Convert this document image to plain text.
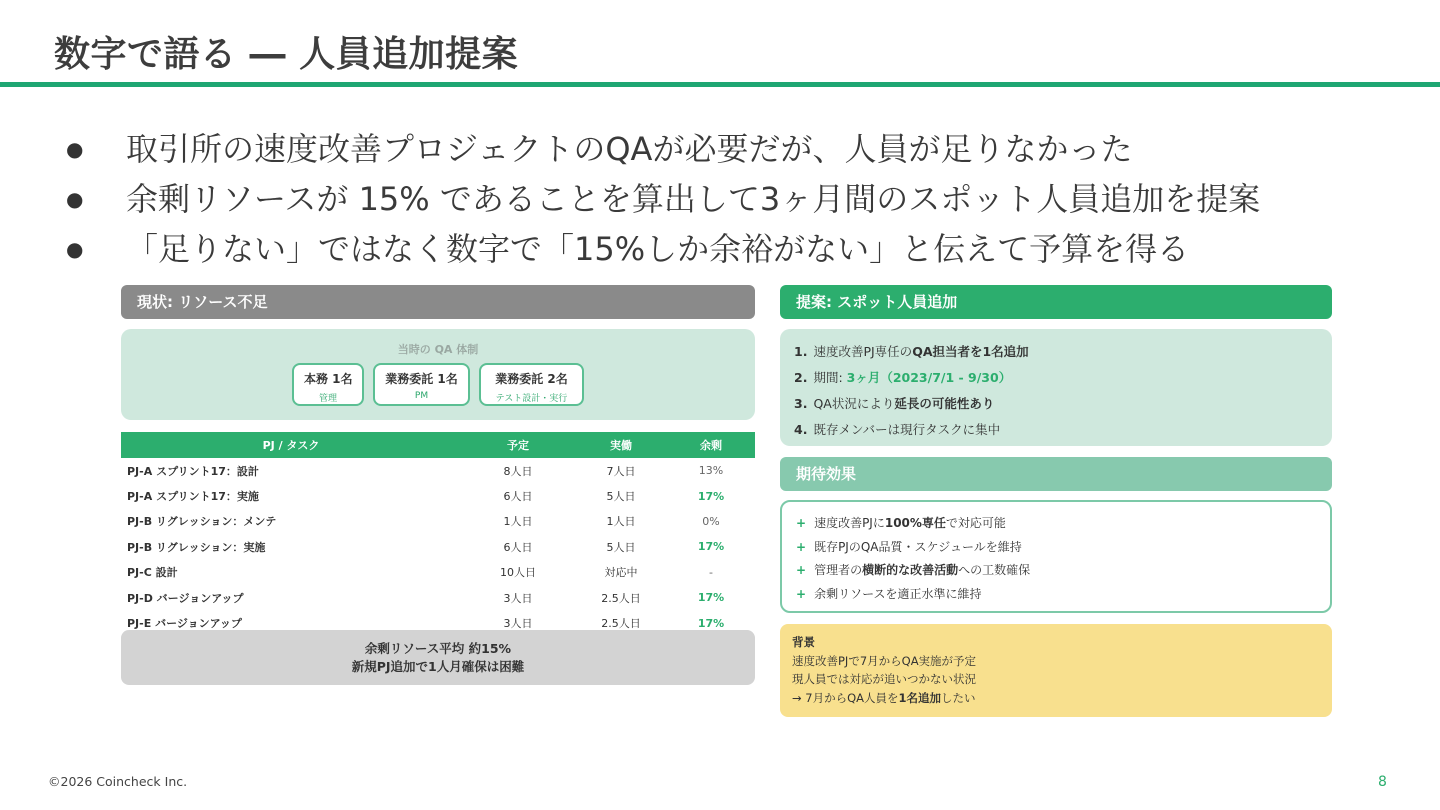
数字で語る ― 人員追加提案
●	取引所の速度改善プロジェクトのQAが必要だが、人員が足りなかった
●	余剰リソースが 15% であることを算出して3ヶ月間のスポット人員追加を提案
●	「足りない」ではなく数字で「15%しか余裕がない」と伝えて予算を得る
現状: リソース不足
当時の QA 体制
本務 1名
管理
業務委託 1名
PM
業務委託 2名
テスト設計・実行
PJ / タスク	予定	実働	余剰
PJ-A スプリント17：設計	8人日	7人日	13%
PJ-A スプリント17：実施	6人日	5人日	17%
PJ-B リグレッション：メンテ	1人日	1人日	0%
PJ-B リグレッション：実施	6人日	5人日	17%
PJ-C 設計	10人日	対応中	-
PJ-D バージョンアップ	3人日	2.5人日	17%
PJ-E バージョンアップ	3人日	2.5人日	17%
余剰リソース平均 約15%
新規PJ追加で1人月確保は困難
提案: スポット人員追加
1. 速度改善PJ専任のQA担当者を1名追加
2. 期間: 3ヶ月（2023/7/1 - 9/30）
3. QA状況により延長の可能性あり
4. 既存メンバーは現行タスクに集中
期待効果
+ 速度改善PJに100%専任で対応可能
+ 既存PJのQA品質・スケジュールを維持
+ 管理者の横断的な改善活動への工数確保
+ 余剰リソースを適正水準に維持
背景
速度改善PJで7月からQA実施が予定
現人員では対応が追いつかない状況
→ 7月からQA人員を1名追加したい
©2026 Coincheck Inc.	8
